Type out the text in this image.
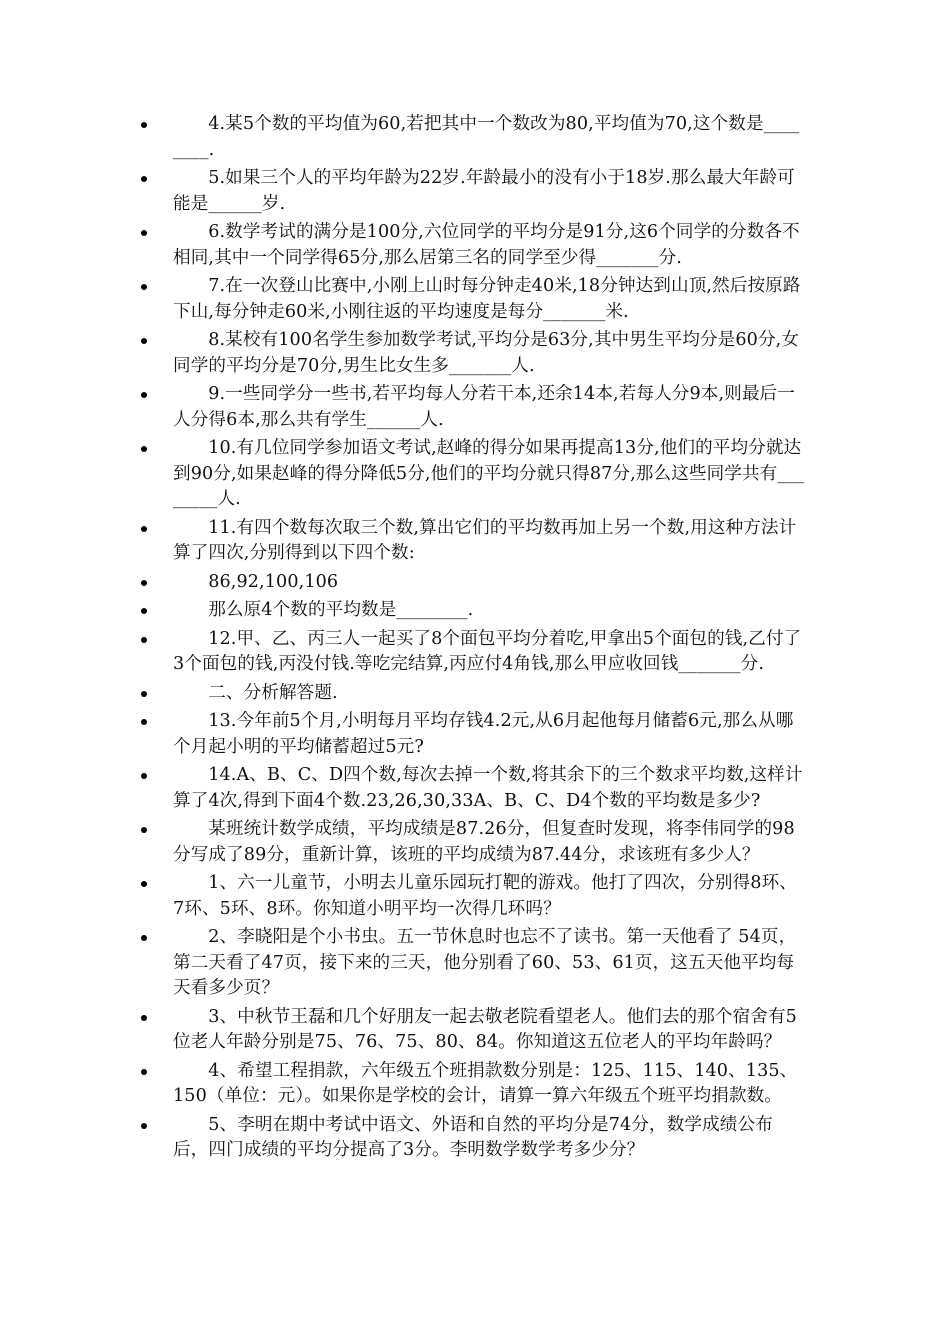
4.某5个数的平均值为60,若把其中一个数改为80,平均值为70,这个数是________.
5.如果三个人的平均年龄为22岁.年龄最小的没有小于18岁.那么最大年龄可能是______岁.
6.数学考试的满分是100分,六位同学的平均分是91分,这6个同学的分数各不相同,其中一个同学得65分,那么居第三名的同学至少得_______分.
7.在一次登山比赛中,小刚上山时每分钟走40米,18分钟达到山顶,然后按原路下山,每分钟走60米,小刚往返的平均速度是每分_______米.
8.某校有100名学生参加数学考试,平均分是63分,其中男生平均分是60分,女同学的平均分是70分,男生比女生多_______人.
9.一些同学分一些书,若平均每人分若干本,还余14本,若每人分9本,则最后一人分得6本,那么共有学生______人.
10.有几位同学参加语文考试,赵峰的得分如果再提高13分,他们的平均分就达到90分,如果赵峰的得分降低5分,他们的平均分就只得87分,那么这些同学共有________人.
11.有四个数每次取三个数,算出它们的平均数再加上另一个数,用这种方法计算了四次,分别得到以下四个数:
86,92,100,106
那么原4个数的平均数是________.
12.甲、乙、丙三人一起买了8个面包平均分着吃,甲拿出5个面包的钱,乙付了3个面包的钱,丙没付钱.等吃完结算,丙应付4角钱,那么甲应收回钱_______分.
二、分析解答题.
13.今年前5个月,小明每月平均存钱4.2元,从6月起他每月储蓄6元,那么从哪个月起小明的平均储蓄超过5元?
14.A、B、C、D四个数,每次去掉一个数,将其余下的三个数求平均数,这样计算了4次,得到下面4个数.23,26,30,33A、B、C、D4个数的平均数是多少?
某班统计数学成绩，平均成绩是87.26分，但复查时发现，将李伟同学的98分写成了89分，重新计算，该班的平均成绩为87.44分，求该班有多少人？
1、六一儿童节，小明去儿童乐园玩打靶的游戏。他打了四次，分别得8环、7环、5环、8环。你知道小明平均一次得几环吗？
2、李晓阳是个小书虫。五一节休息时也忘不了读书。第一天他看了 54页，第二天看了47页，接下来的三天，他分别看了60、53、61页，这五天他平均每天看多少页？
3、中秋节王磊和几个好朋友一起去敬老院看望老人。他们去的那个宿舍有5位老人年龄分别是75、76、75、80、84。你知道这五位老人的平均年龄吗？
4、希望工程捐款，六年级五个班捐款数分别是：125、115、140、135、150（单位：元）。如果你是学校的会计，请算一算六年级五个班平均捐款数。
5、李明在期中考试中语文、外语和自然的平均分是74分，数学成绩公布后，四门成绩的平均分提高了3分。李明数学数学考多少分？
